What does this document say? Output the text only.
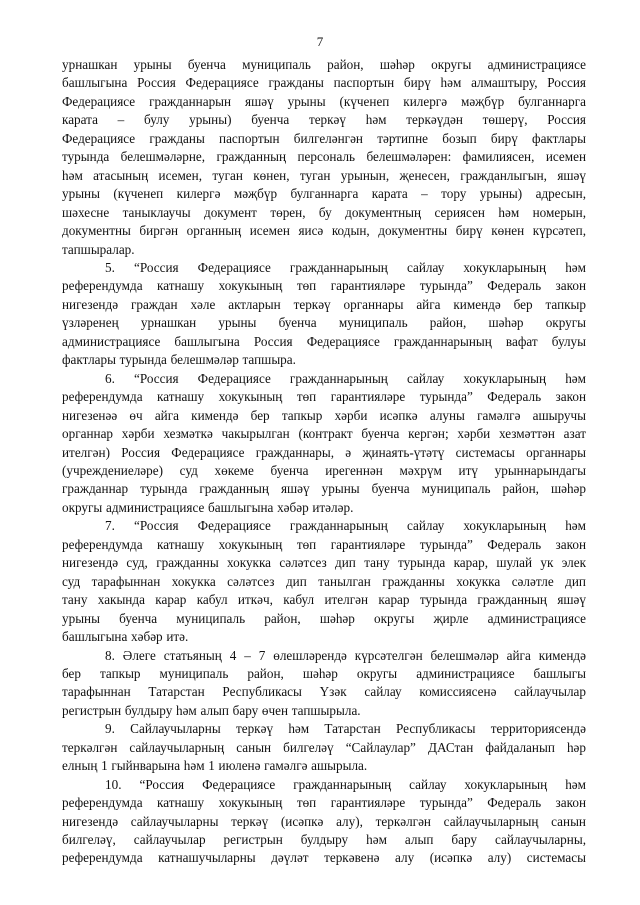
7
урнашкан урыны буенча муниципаль район, шәһәр округы администрациясе
башлыгына Россия Федерациясе гражданы паспортын бирү һәм алмаштыру, Россия
Федерациясе гражданнарын яшәү урыны (күченеп килергә мәҗбүр булганнарга
карата – булу урыны) буенча теркәү һәм теркәүдән төшерү, Россия
Федерациясе гражданы паспортын билгеләнгән тәртипне бозып бирү фактлары
турында белешмәләрне, гражданның персональ белешмәләрен: фамилиясен, исемен
һәм атасының исемен, туган көнен, туган урынын, җенесен, гражданлыгын, яшәү
урыны (күченеп килергә мәҗбүр булганнарга карата – тору урыны) адресын,
шәхесне таныклаучы документ төрен, бу документның сериясен һәм номерын,
документны биргән органның исемен яисә кодын, документны бирү көнен күрсәтеп,
тапшыралар.
5. “Россия Федерациясе гражданнарының сайлау хокукларының һәм
референдумда катнашу хокукының төп гарантияләре турында” Федераль закон
нигезендә граждан хәле актларын теркәү органнары айга кимендә бер тапкыр
үзләренең урнашкан урыны буенча муниципаль район, шәһәр округы
администрациясе башлыгына Россия Федерациясе гражданнарының вафат булуы
фактлары турында белешмәләр тапшыра.
6. “Россия Федерациясе гражданнарының сайлау хокукларының һәм
референдумда катнашу хокукының төп гарантияләре турында” Федераль закон
нигезенәә өч айга кимендә бер тапкыр хәрби исәпкә алуны гамәлгә ашыручы
органнар хәрби хезмәткә чакырылган (контракт буенча кергән; хәрби хезмәттән азат
ителгән) Россия Федерациясе гражданнары, ә җинаять-үтәтү системасы органнары
(учреждениеләре) суд хөкеме буенча ирегеннән мәхрүм итү урыннарындагы
гражданнар турында гражданның яшәү урыны буенча муниципаль район, шәһәр
округы администрациясе башлыгына хәбәр итәләр.
7. “Россия Федерациясе гражданнарының сайлау хокукларының һәм
референдумда катнашу хокукының төп гарантияләре турында” Федераль закон
нигезендә суд, гражданны хокукка сәләтсез дип тану турында карар, шулай ук элек
суд тарафыннан хокукка сәләтсез дип танылган гражданны хокукка сәләтле дип
тану хакында карар кабул иткәч, кабул ителгән карар турында гражданның яшәү
урыны буенча муниципаль район, шәһәр округы җирле администрациясе
башлыгына хәбәр итә.
8. Әлеге статьяның 4 – 7 өлешләрендә күрсәтелгән белешмәләр айга кимендә
бер тапкыр муниципаль район, шәһәр округы администрациясе башлыгы
тарафыннан Татарстан Республикасы Үзәк сайлау комиссиясенә сайлаучылар
регистрын булдыру һәм алып бару өчен тапшырыла.
9. Сайлаучыларны теркәү һәм Татарстан Республикасы территориясендә
теркәлгән сайлаучыларның санын билгеләү “Сайлаулар” ДАСтан файдаланып һәр
елның 1 гыйнварына һәм 1 июленә гамәлгә ашырыла.
10. “Россия Федерациясе гражданнарының сайлау хокукларының һәм
референдумда катнашу хокукының төп гарантияләре турында” Федераль закон
нигезендә сайлаучыларны теркәү (исәпкә алу), теркәлгән сайлаучыларның санын
билгеләү, сайлаучылар регистрын булдыру һәм алып бару сайлаучыларны,
референдумда катнашучыларны дәүләт теркәвенә алу (исәпкә алу) системасы
